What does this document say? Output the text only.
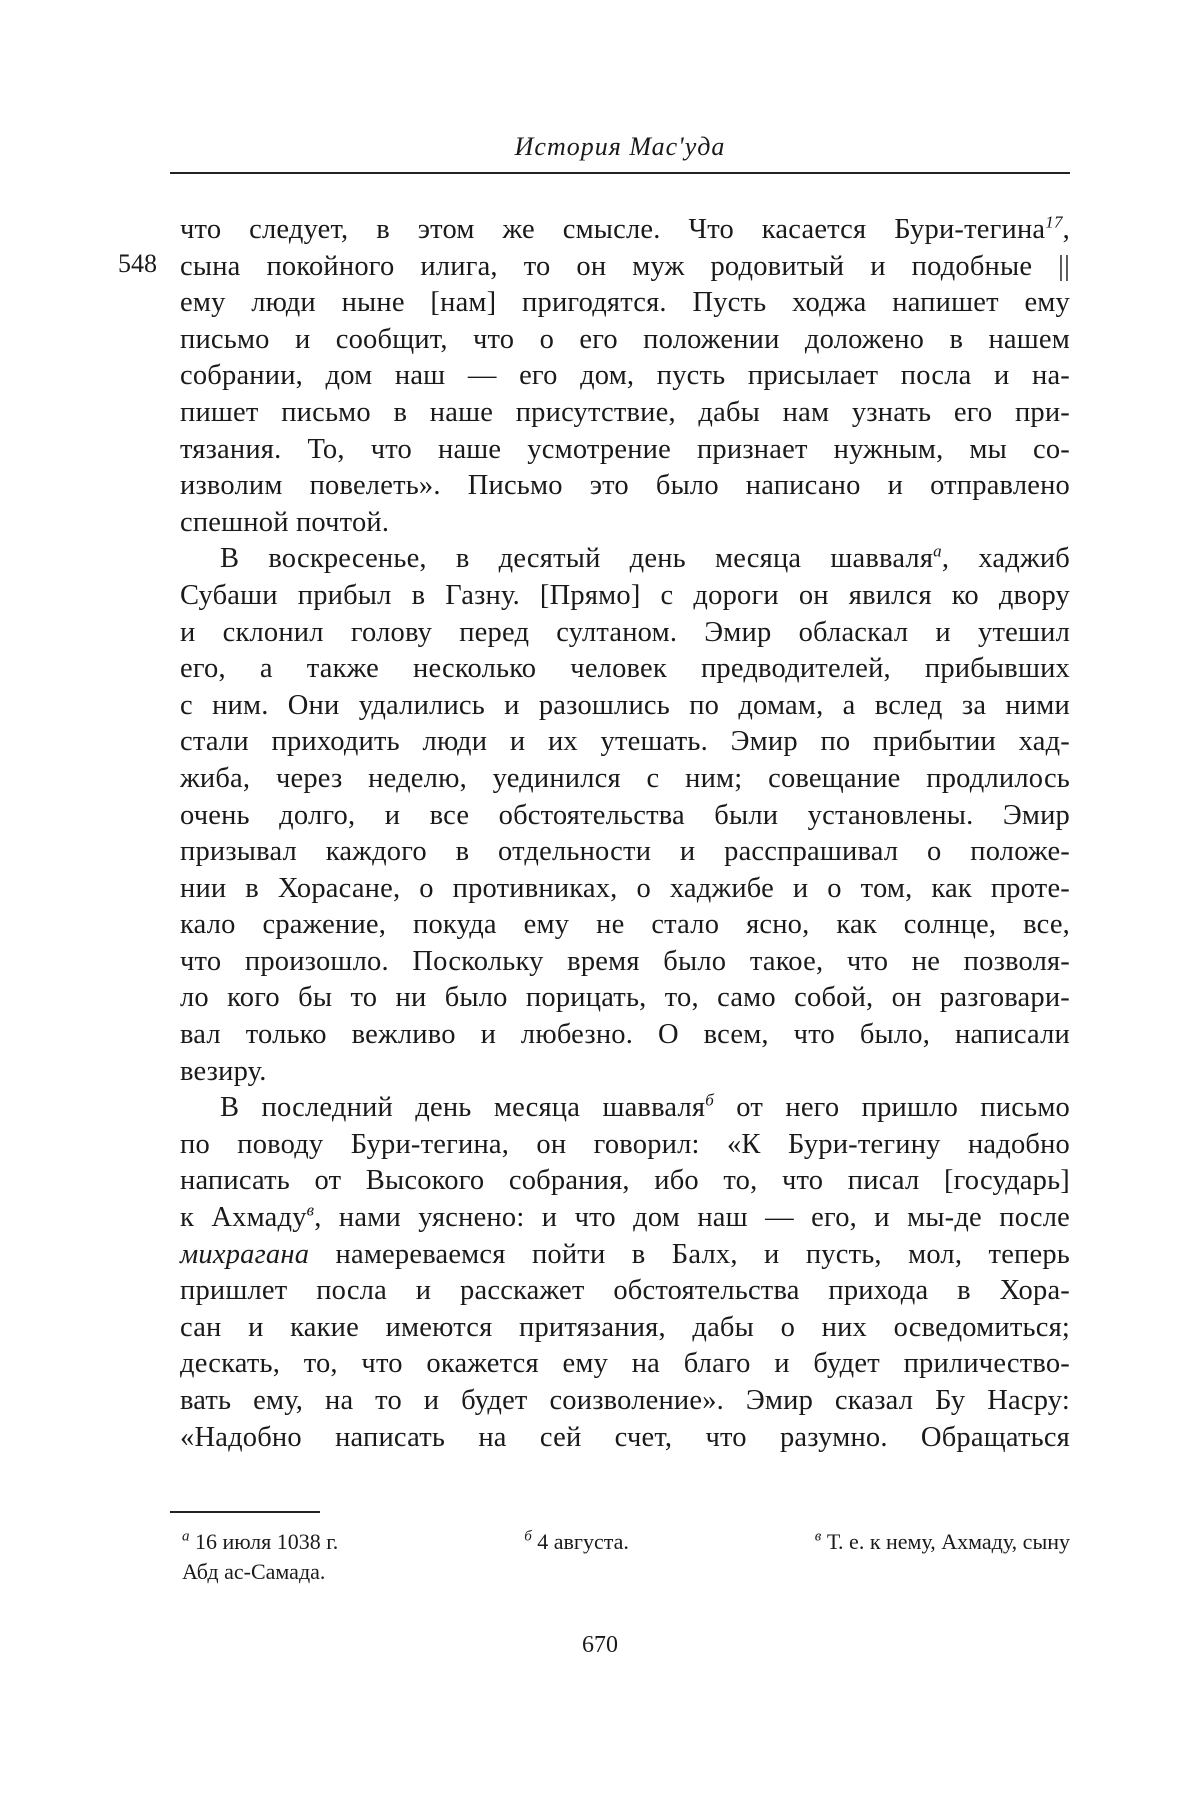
История Мас'уда
548
что следует, в этом же смысле. Что касается Бури-тегина$^{17}$,
сына покойного илига, то он муж родовитый и подобные ||
ему люди ныне [нам] пригодятся. Пусть ходжа напишет ему
письмо и сообщит, что о его положении доложено в нашем
собрании, дом наш — его дом, пусть присылает посла и на-
пишет письмо в наше присутствие, дабы нам узнать его при-
тязания. То, что наше усмотрение признает нужным, мы со-
изволим повелеть». Письмо это было написано и отправлено
спешной почтой.
В воскресенье, в десятый день месяца шавваля$^а$, хаджиб
Субаши прибыл в Газну. [Прямо] с дороги он явился ко двору
и склонил голову перед султаном. Эмир обласкал и утешил
его, а также несколько человек предводителей, прибывших
с ним. Они удалились и разошлись по домам, а вслед за ними
стали приходить люди и их утешать. Эмир по прибытии хад-
жиба, через неделю, уединился с ним; совещание продлилось
очень долго, и все обстоятельства были установлены. Эмир
призывал каждого в отдельности и расспрашивал о положе-
нии в Хорасане, о противниках, о хаджибе и о том, как проте-
кало сражение, покуда ему не стало ясно, как солнце, все,
что произошло. Поскольку время было такое, что не позволя-
ло кого бы то ни было порицать, то, само собой, он разговари-
вал только вежливо и любезно. О всем, что было, написали
везиру.
В последний день месяца шавваля$^б$ от него пришло письмо
по поводу Бури-тегина, он говорил: «К Бури-тегину надобно
написать от Высокого собрания, ибо то, что писал [государь]
к Ахмаду$^в$, нами уяснено: и что дом наш — его, и мы-де после
михрагана намереваемся пойти в Балх, и пусть, мол, теперь
пришлет посла и расскажет обстоятельства прихода в Хора-
сан и какие имеются притязания, дабы о них осведомиться;
дескать, то, что окажется ему на благо и будет приличество-
вать ему, на то и будет соизволение». Эмир сказал Бу Насру:
«Надобно написать на сей счет, что разумно. Обращаться
$^а$ 16 июля 1038 г.	$^б$ 4 августа.	$^в$ Т. е. к нему, Ахмаду, сыну
Абд ас-Самада.
670
